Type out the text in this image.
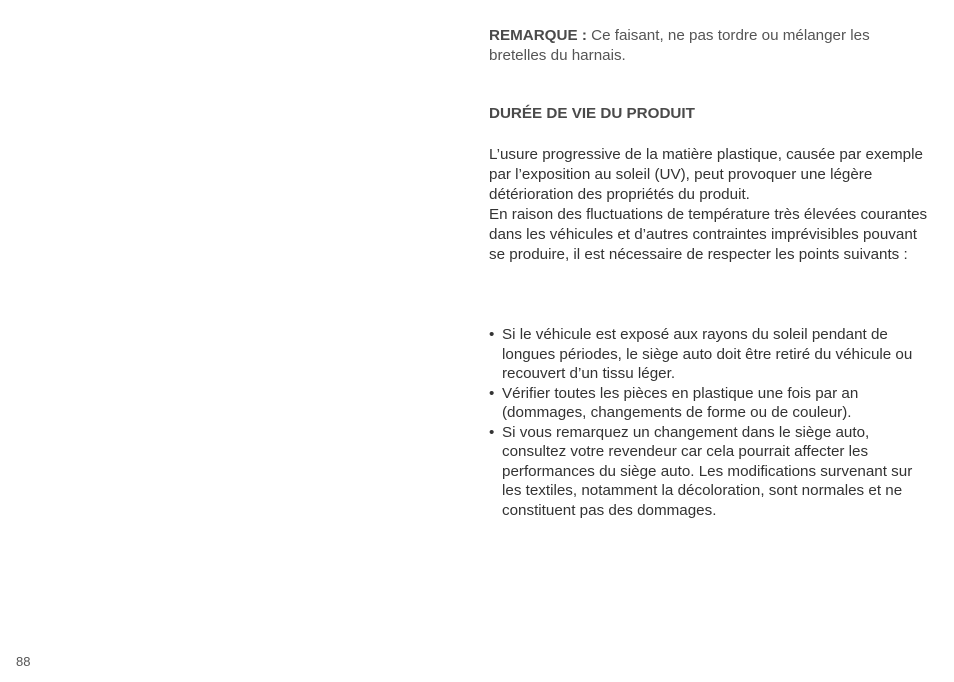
88

REMARQUE : Ce faisant, ne pas tordre ou mélanger les bretelles du harnais.

DURÉE DE VIE DU PRODUIT

L’usure progressive de la matière plastique, causée par exemple par l’exposition au soleil (UV), peut provoquer une légère détérioration des propriétés du produit.

En raison des fluctuations de température très élevées courantes dans les véhicules et d’autres contraintes imprévisibles pouvant se produire, il est nécessaire de respecter les points suivants :

• Si le véhicule est exposé aux rayons du soleil pendant de longues périodes, le siège auto doit être retiré du véhicule ou recouvert d’un tissu léger.
• Vérifier toutes les pièces en plastique une fois par an (dommages, changements de forme ou de couleur).
• Si vous remarquez un changement dans le siège auto, consultez votre revendeur car cela pourrait affecter les performances du siège auto. Les modifications survenant sur les textiles, notamment la décoloration, sont normales et ne constituent pas des dommages.
